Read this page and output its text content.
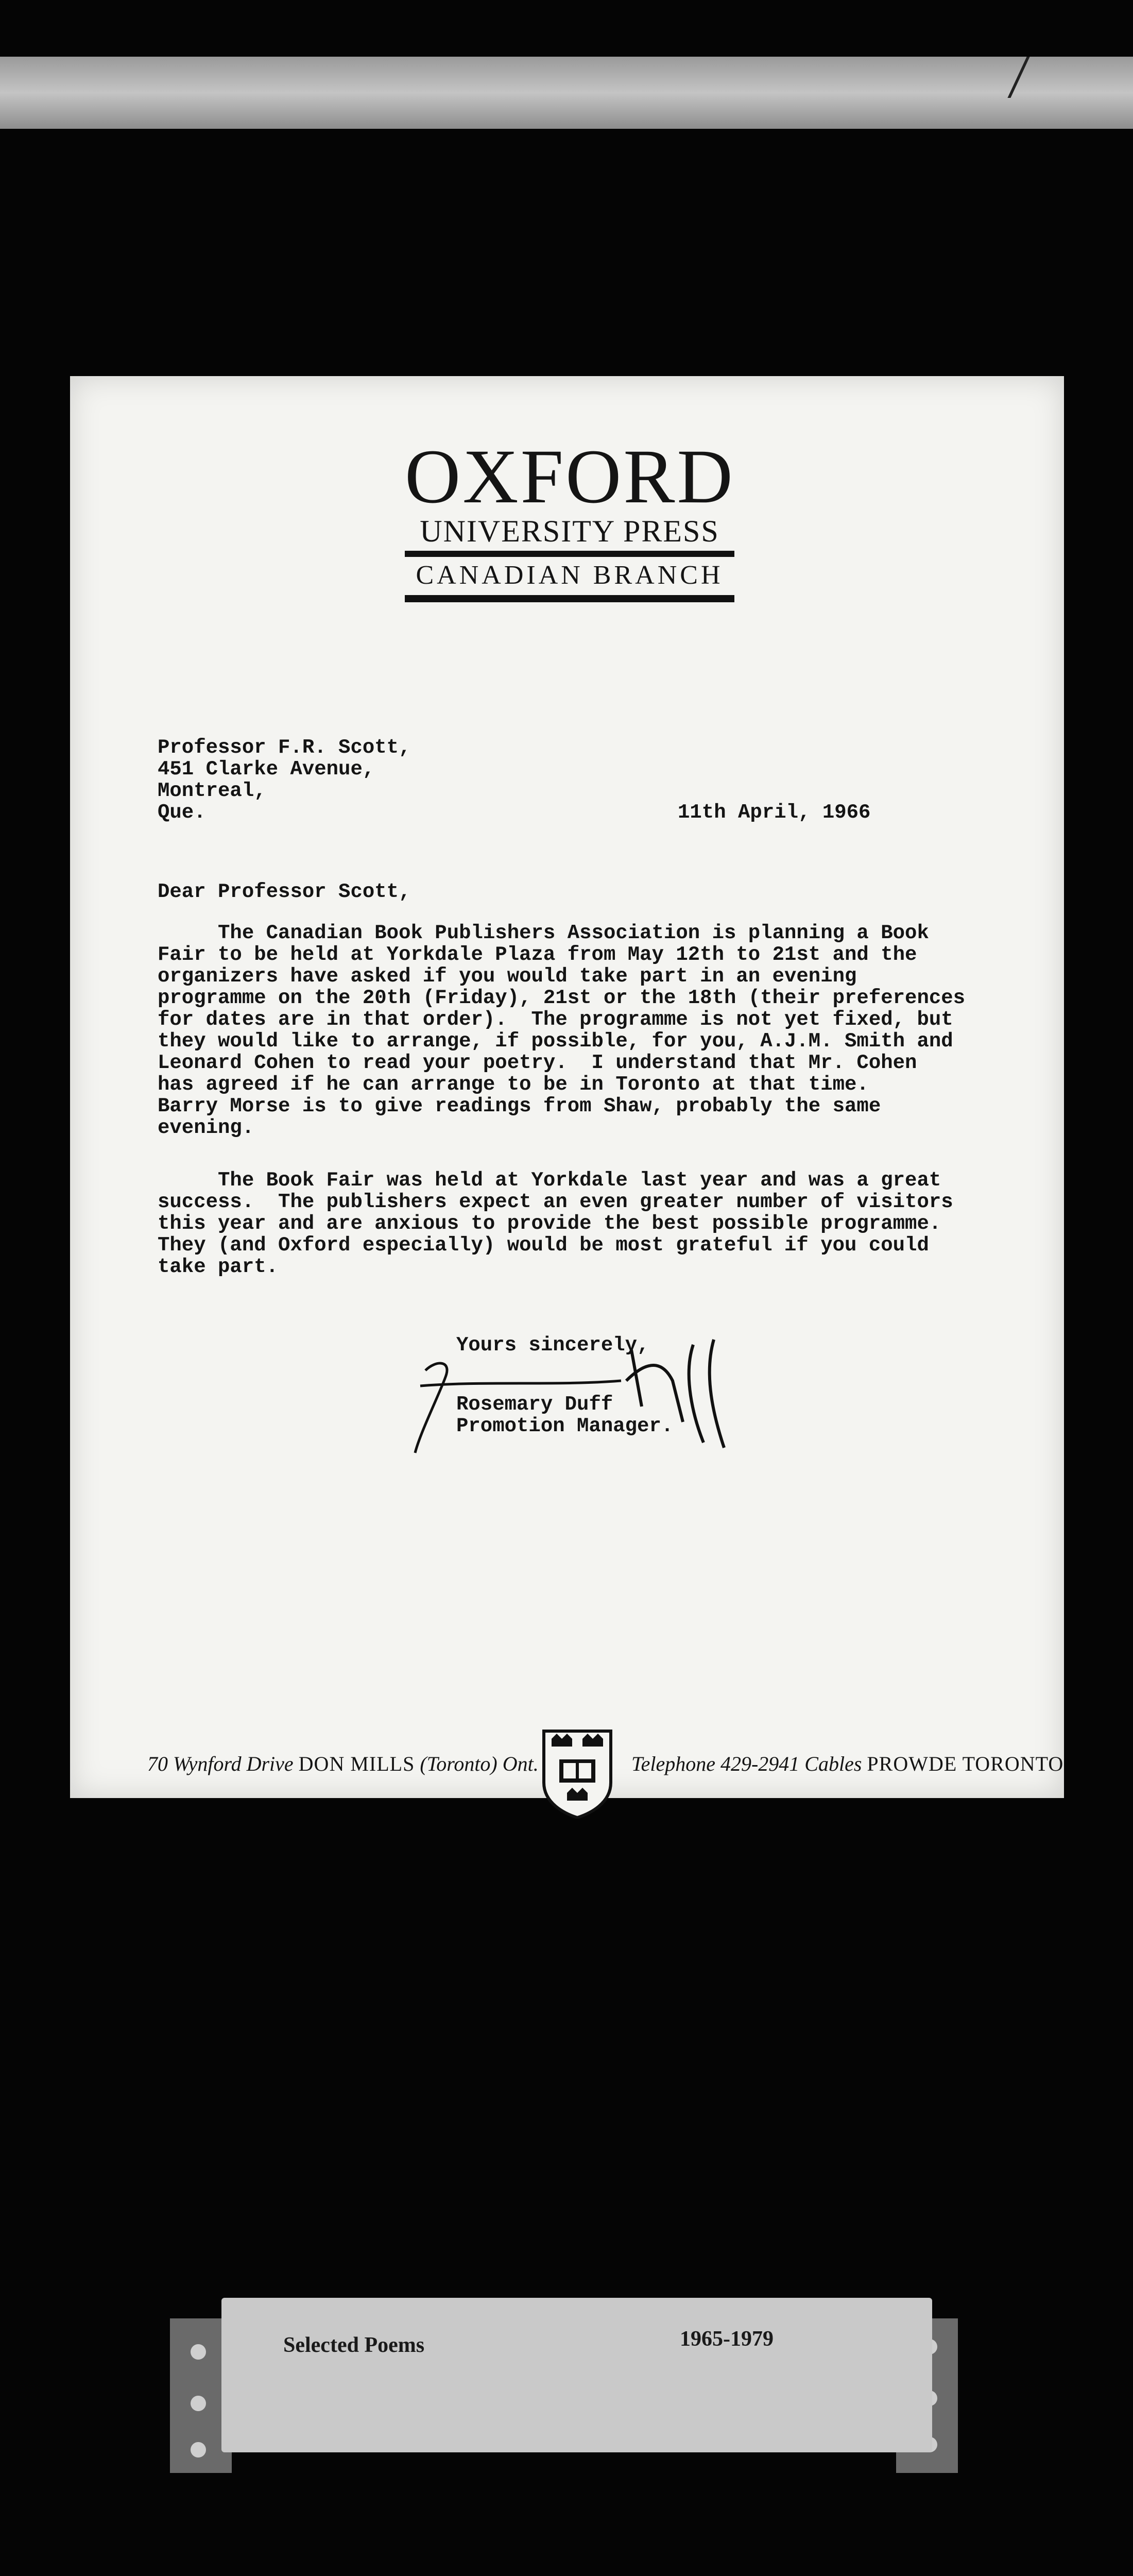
OXFORD
UNIVERSITY PRESS
CANADIAN BRANCH
Professor F.R. Scott,
451 Clarke Avenue,
Montreal,
Que.	11th April, 1966
Dear Professor Scott,
The Canadian Book Publishers Association is planning a Book
Fair to be held at Yorkdale Plaza from May 12th to 21st and the
organizers have asked if you would take part in an evening
programme on the 20th (Friday), 21st or the 18th (their preferences
for dates are in that order).  The programme is not yet fixed, but
they would like to arrange, if possible, for you, A.J.M. Smith and
Leonard Cohen to read your poetry.  I understand that Mr. Cohen
has agreed if he can arrange to be in Toronto at that time.
Barry Morse is to give readings from Shaw, probably the same
evening.
The Book Fair was held at Yorkdale last year and was a great
success.  The publishers expect an even greater number of visitors
this year and are anxious to provide the best possible programme.
They (and Oxford especially) would be most grateful if you could
take part.
Yours sincerely,
Rosemary Duff
Promotion Manager.
70 Wynford Drive DON MILLS (Toronto) Ont.	Telephone 429-2941 Cables PROWDE TORONTO
Selected Poems	1965-1979
